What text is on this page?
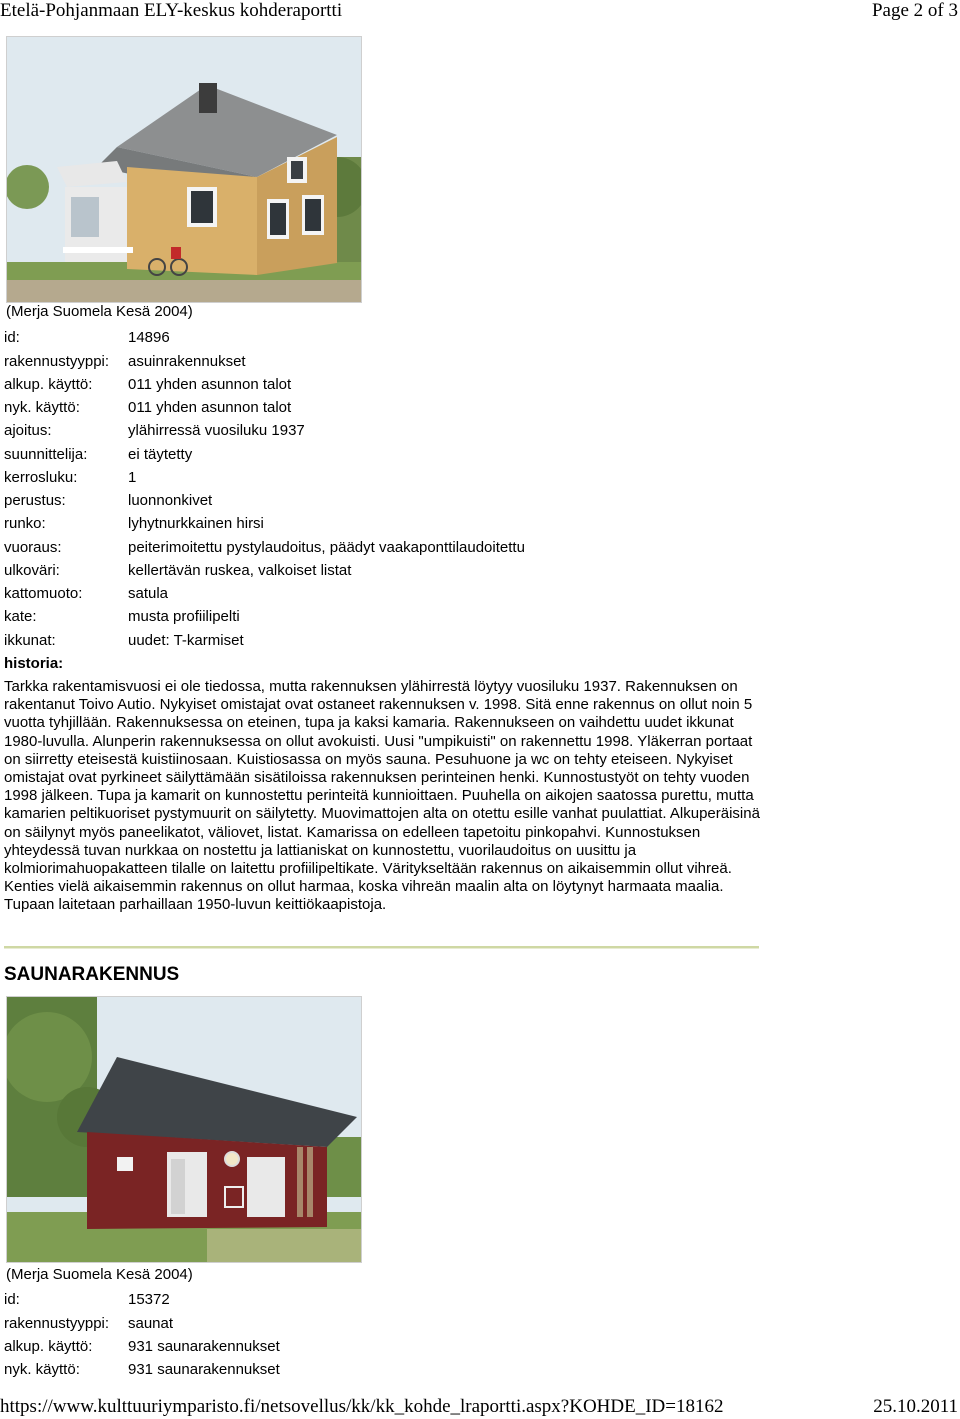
Etelä-Pohjanmaan ELY-keskus kohderaportti	Page 2 of 3
(Merja Suomela Kesä 2004)
id:	14896
rakennustyyppi: asuinrakennukset
alkup. käyttö: 011 yhden asunnon talot
nyk. käyttö:	011 yhden asunnon talot
ajoitus:	ylähirressä vuosiluku 1937
suunnittelija:	ei täytetty
kerrosluku:	1
perustus:	luonnonkivet
runko:	lyhytnurkkainen hirsi
vuoraus:	peiterimoitettu pystylaudoitus, päädyt vaakaponttilaudoitettu
ulkoväri:	kellertävän ruskea, valkoiset listat
kattomuoto:	satula
kate:	musta profiilipelti
ikkunat:	uudet: T-karmiset
historia:
Tarkka rakentamisvuosi ei ole tiedossa, mutta rakennuksen ylähirrestä löytyy vuosiluku 1937. Rakennuksen on rakentanut Toivo Autio. Nykyiset omistajat ovat ostaneet rakennuksen v. 1998. Sitä enne rakennus on ollut noin 5 vuotta tyhjillään. Rakennuksessa on eteinen, tupa ja kaksi kamaria. Rakennukseen on vaihdettu uudet ikkunat 1980-luvulla. Alunperin rakennuksessa on ollut avokuisti. Uusi "umpikuisti" on rakennettu 1998. Yläkerran portaat on siirretty eteisestä kuistiinosaan. Kuistiosassa on myös sauna. Pesuhuone ja wc on tehty eteiseen. Nykyiset omistajat ovat pyrkineet säilyttämään sisätiloissa rakennuksen perinteinen henki. Kunnostustyöt on tehty vuoden 1998 jälkeen. Tupa ja kamarit on kunnostettu perinteitä kunnioittaen. Puuhella on aikojen saatossa purettu, mutta kamarien peltikuoriset pystymuurit on säilytetty. Muovimattojen alta on otettu esille vanhat puulattiat. Alkuperäisinä on säilynyt myös paneelikatot, väliovet, listat. Kamarissa on edelleen tapetoitu pinkopahvi. Kunnostuksen yhteydessä tuvan nurkkaa on nostettu ja lattianiskat on kunnostettu, vuorilaudoitus on uusittu ja kolmiorimahuopakatteen tilalle on laitettu profiilipeltikate. Väritykseltään rakennus on aikaisemmin ollut vihreä. Kenties vielä aikaisemmin rakennus on ollut harmaa, koska vihreän maalin alta on löytynyt harmaata maalia. Tupaan laitetaan parhaillaan 1950-luvun keittiökaapistoja.
SAUNARAKENNUS
(Merja Suomela Kesä 2004)
id:	15372
rakennustyyppi: saunat
alkup. käyttö: 931 saunarakennukset
nyk. käyttö:	931 saunarakennukset
https://www.kulttuuriymparisto.fi/netsovellus/kk/kk_kohde_lraportti.aspx?KOHDE_ID=18162	25.10.2011
